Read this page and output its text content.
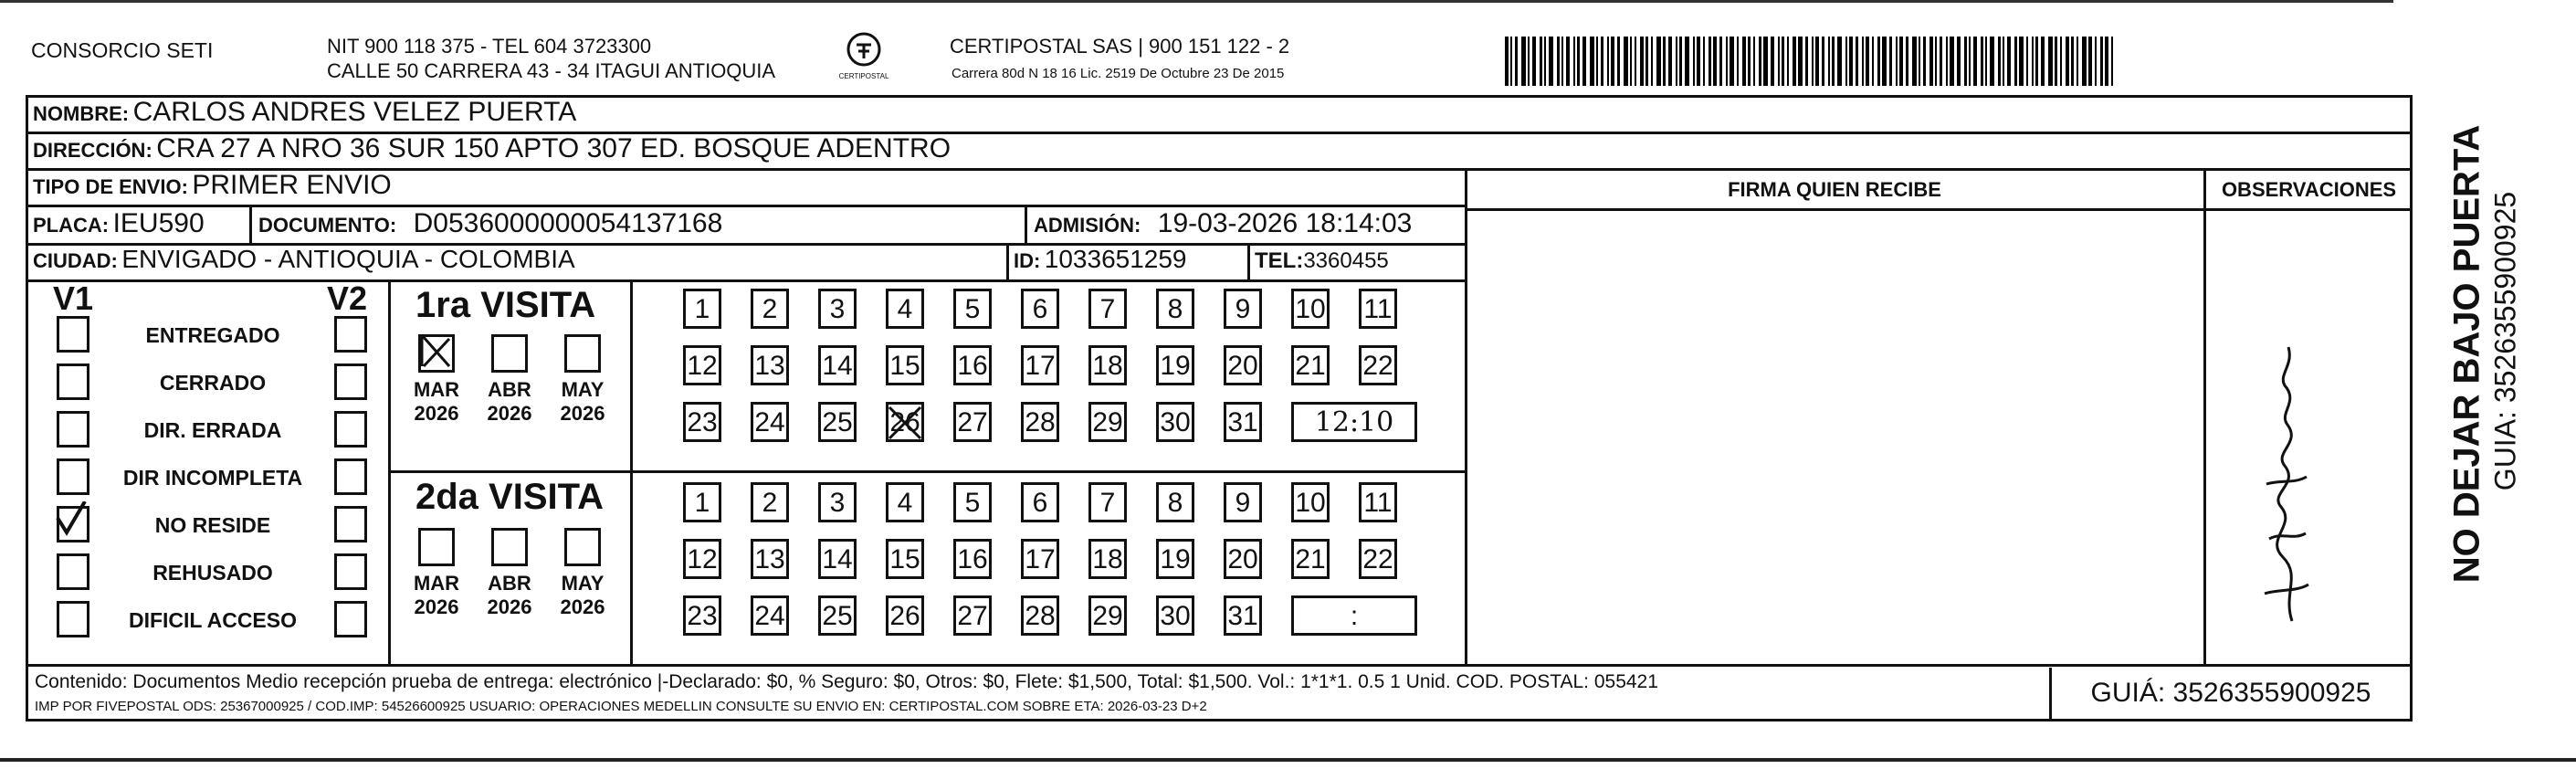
CONSORCIO SETI	NIT 900 118 375 - TEL 604 3723300
CALLE 50 CARRERA 43 - 34 ITAGUI ANTIOQUIA	CERTIPOSTAL
CERTIPOSTAL SAS | 900 151 122 - 2
Carrera 80d N 18 16 Lic. 2519 De Octubre 23 De 2015
NOMBRE: CARLOS ANDRES VELEZ PUERTA
DIRECCIÓN: CRA 27 A NRO 36 SUR 150 APTO 307 ED. BOSQUE ADENTRO
TIPO DE ENVIO: PRIMER ENVIO	FIRMA QUIEN RECIBE	OBSERVACIONES
PLACA: IEU590	DOCUMENTO: D0536000000054137168	ADMISIÓN: 19-03-2026 18:14:03
CIUDAD: ENVIGADO - ANTIOQUIA - COLOMBIA	ID: 1033651259	TEL:3360455
V1	V2
ENTREGADO
CERRADO
DIR. ERRADA
DIR INCOMPLETA
NO RESIDE
REHUSADO
DIFICIL ACCESO
1ra VISITA
2da VISITA
MAR
2026
ABR
2026
MAY
2026
1	2	3	4	5	6	7	8	9	10 11
12 13 14 15 16 17 18 19 20 21 22
23 24 25 26 27 28 29 30 31	12:10
MAR
2026
ABR
2026
MAY
2026
1	2	3	4	5	6	7	8	9	10 11
12 13 14 15 16 17 18 19 20 21 22
23 24 25 26 27 28 29 30 31	:
Contenido: Documentos Medio recepción prueba de entrega: electrónico |-Declarado: $0, % Seguro: $0, Otros: $0, Flete: $1,500, Total: $1,500. Vol.: 1*1*1. 0.5 1 Unid. COD. POSTAL: 055421
IMP POR FIVEPOSTAL ODS: 25367000925 / COD.IMP: 54526600925 USUARIO: OPERACIONES MEDELLIN CONSULTE SU ENVIO EN: CERTIPOSTAL.COM SOBRE ETA: 2026-03-23 D+2	GUIÁ: 3526355900925
NO DEJAR BAJO PUERTA GUIA: 3526355900925
